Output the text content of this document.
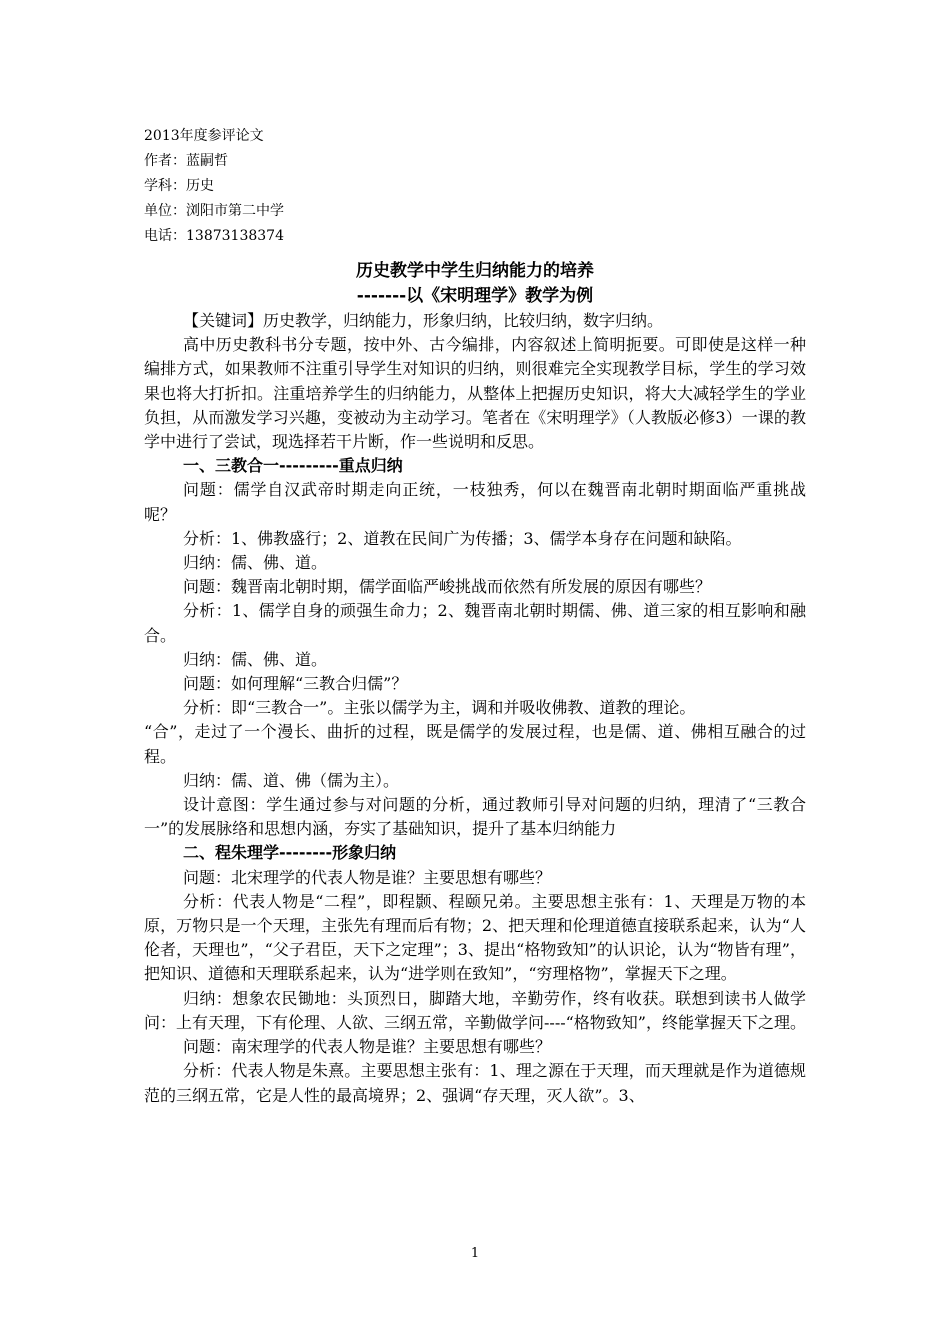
2013年度参评论文
作者：蓝嗣哲
学科：历史
单位：浏阳市第二中学
电话：13873138374
历史教学中学生归纳能力的培养
-------以《宋明理学》教学为例

【关键词】历史教学，归纳能力，形象归纳，比较归纳，数字归纳。

高中历史教科书分专题，按中外、古今编排，内容叙述上简明扼要。可即使是这样一种编排方式，如果教师不注重引导学生对知识的归纳，则很难完全实现教学目标，学生的学习效果也将大打折扣。注重培养学生的归纳能力，从整体上把握历史知识，将大大减轻学生的学业负担，从而激发学习兴趣，变被动为主动学习。笔者在《宋明理学》（人教版必修3）一课的教学中进行了尝试，现选择若干片断，作一些说明和反思。

一、三教合一---------重点归纳

问题：儒学自汉武帝时期走向正统，一枝独秀，何以在魏晋南北朝时期面临严重挑战呢？

分析：1、佛教盛行；2、道教在民间广为传播；3、儒学本身存在问题和缺陷。

归纳：儒、佛、道。

问题：魏晋南北朝时期，儒学面临严峻挑战而依然有所发展的原因有哪些？

分析：1、儒学自身的顽强生命力；2、魏晋南北朝时期儒、佛、道三家的相互影响和融合。

归纳：儒、佛、道。

问题：如何理解“三教合归儒”？

分析：即“三教合一”。主张以儒学为主，调和并吸收佛教、道教的理论。

“合”，走过了一个漫长、曲折的过程，既是儒学的发展过程，也是儒、道、佛相互融合的过程。

归纳：儒、道、佛（儒为主）。

设计意图：学生通过参与对问题的分析，通过教师引导对问题的归纳，理清了“三教合一”的发展脉络和思想内涵，夯实了基础知识，提升了基本归纳能力

二、程朱理学--------形象归纳

问题：北宋理学的代表人物是谁？主要思想有哪些？

分析：代表人物是“二程”，即程颢、程颐兄弟。主要思想主张有：1、天理是万物的本原，万物只是一个天理，主张先有理而后有物；2、把天理和伦理道德直接联系起来，认为“人伦者，天理也”，“父子君臣，天下之定理”；3、提出“格物致知”的认识论，认为“物皆有理”，把知识、道德和天理联系起来，认为“进学则在致知”，“穷理格物”，掌握天下之理。

归纳：想象农民锄地：头顶烈日，脚踏大地，辛勤劳作，终有收获。联想到读书人做学问：上有天理，下有伦理、人欲、三纲五常，辛勤做学问----“格物致知”，终能掌握天下之理。

问题：南宋理学的代表人物是谁？主要思想有哪些？

分析：代表人物是朱熹。主要思想主张有：1、理之源在于天理，而天理就是作为道德规范的三纲五常，它是人性的最高境界；2、强调“存天理，灭人欲”。3、

1
